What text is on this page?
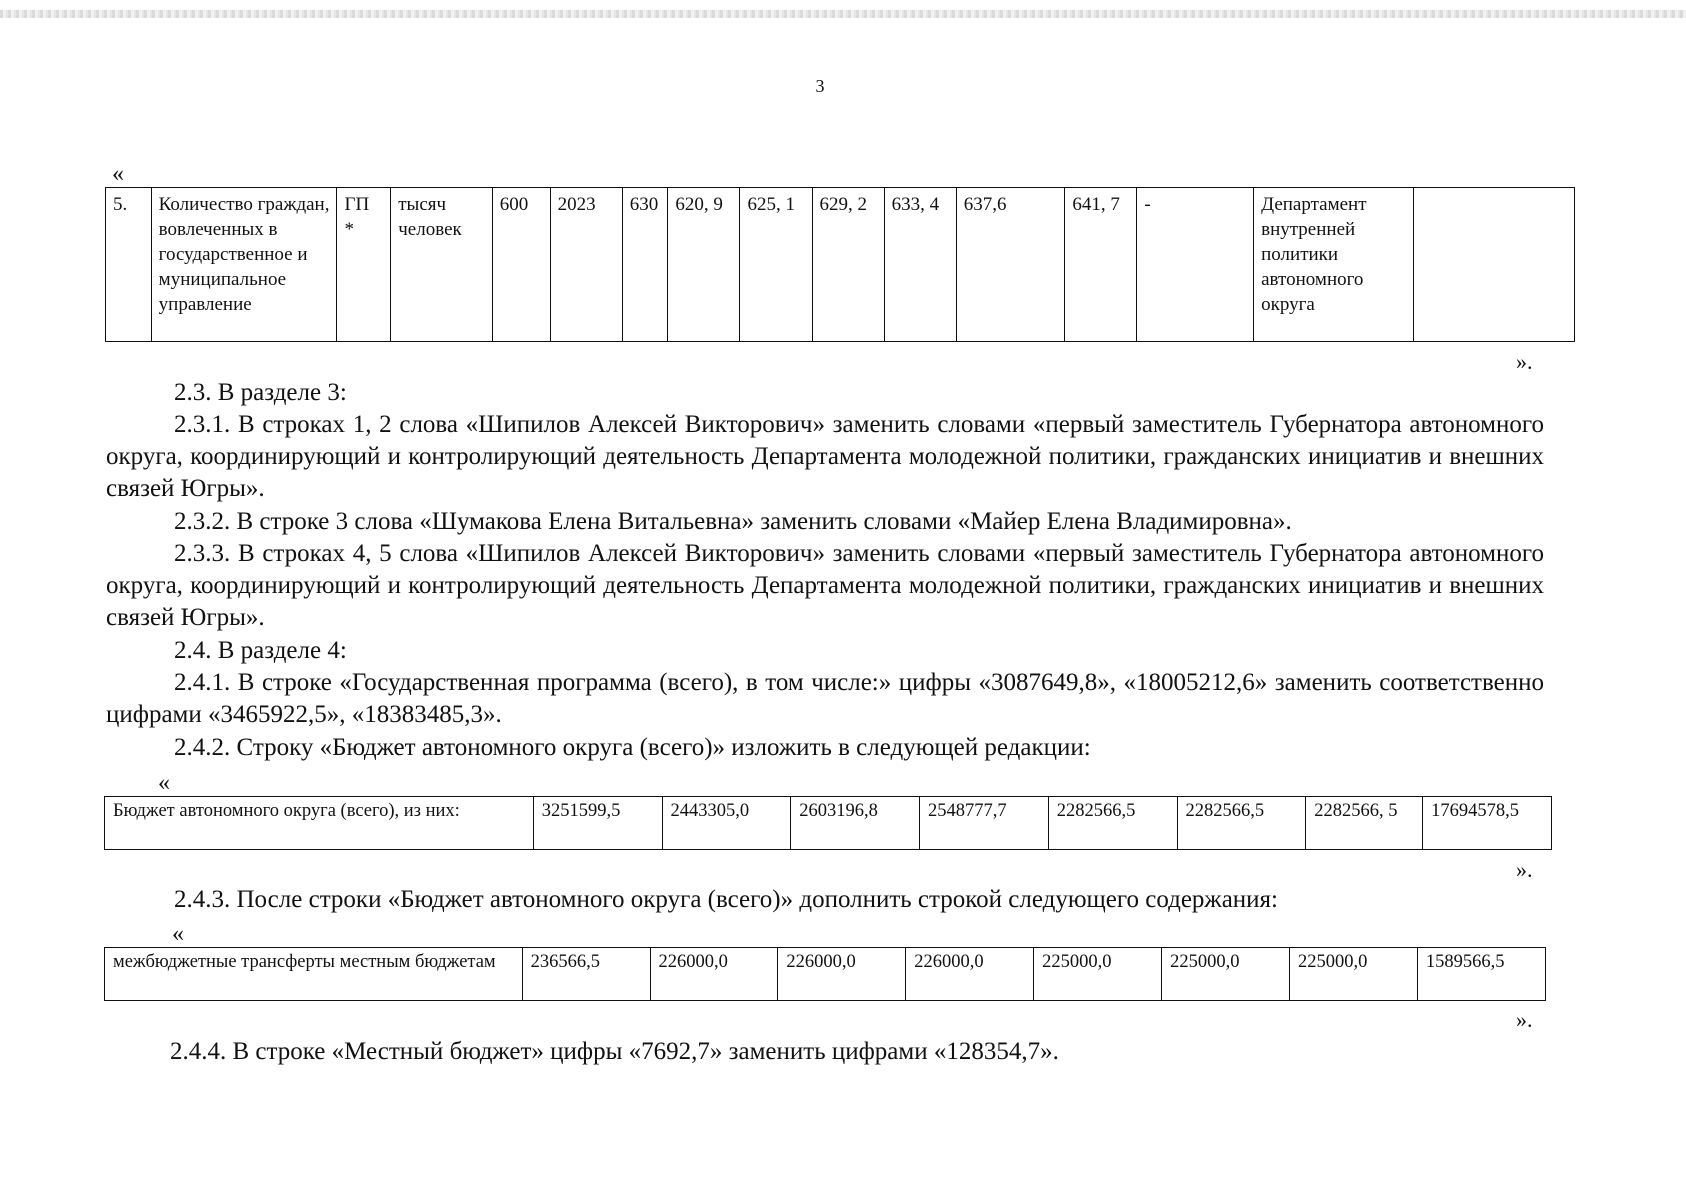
3
«
5.	Количество граждан, вовлеченных в государственное и муниципальное управление	ГП *	тысяч человек	600	2023	630	620, 9	625, 1	629, 2	633, 4	637,6	641, 7	-	Департамент внутренней политики автономного округа	
».
2.3. В разделе 3:
2.3.1. В строках 1, 2 слова «Шипилов Алексей Викторович» заменить словами «первый заместитель Губернатора автономного округа, координирующий и контролирующий деятельность Департамента молодежной политики, гражданских инициатив и внешних связей Югры».
2.3.2. В строке 3 слова «Шумакова Елена Витальевна» заменить словами «Майер Елена Владимировна».
2.3.3. В строках 4, 5 слова «Шипилов Алексей Викторович» заменить словами «первый заместитель Губернатора автономного округа, координирующий и контролирующий деятельность Департамента молодежной политики, гражданских инициатив и внешних связей Югры».
2.4. В разделе 4:
2.4.1. В строке «Государственная программа (всего), в том числе:» цифры «3087649,8», «18005212,6» заменить соответственно цифрами «3465922,5», «18383485,3».
2.4.2. Строку «Бюджет автономного округа (всего)» изложить в следующей редакции:
«
Бюджет автономного округа (всего), из них:	3251599,5	2443305,0	2603196,8	2548777,7	2282566,5	2282566,5	2282566, 5	17694578,5
».
2.4.3. После строки «Бюджет автономного округа (всего)» дополнить строкой следующего содержания:
«
межбюджетные трансферты местным бюджетам	236566,5	226000,0	226000,0	226000,0	225000,0	225000,0	225000,0	1589566,5
».
2.4.4. В строке «Местный бюджет» цифры «7692,7» заменить цифрами «128354,7».
